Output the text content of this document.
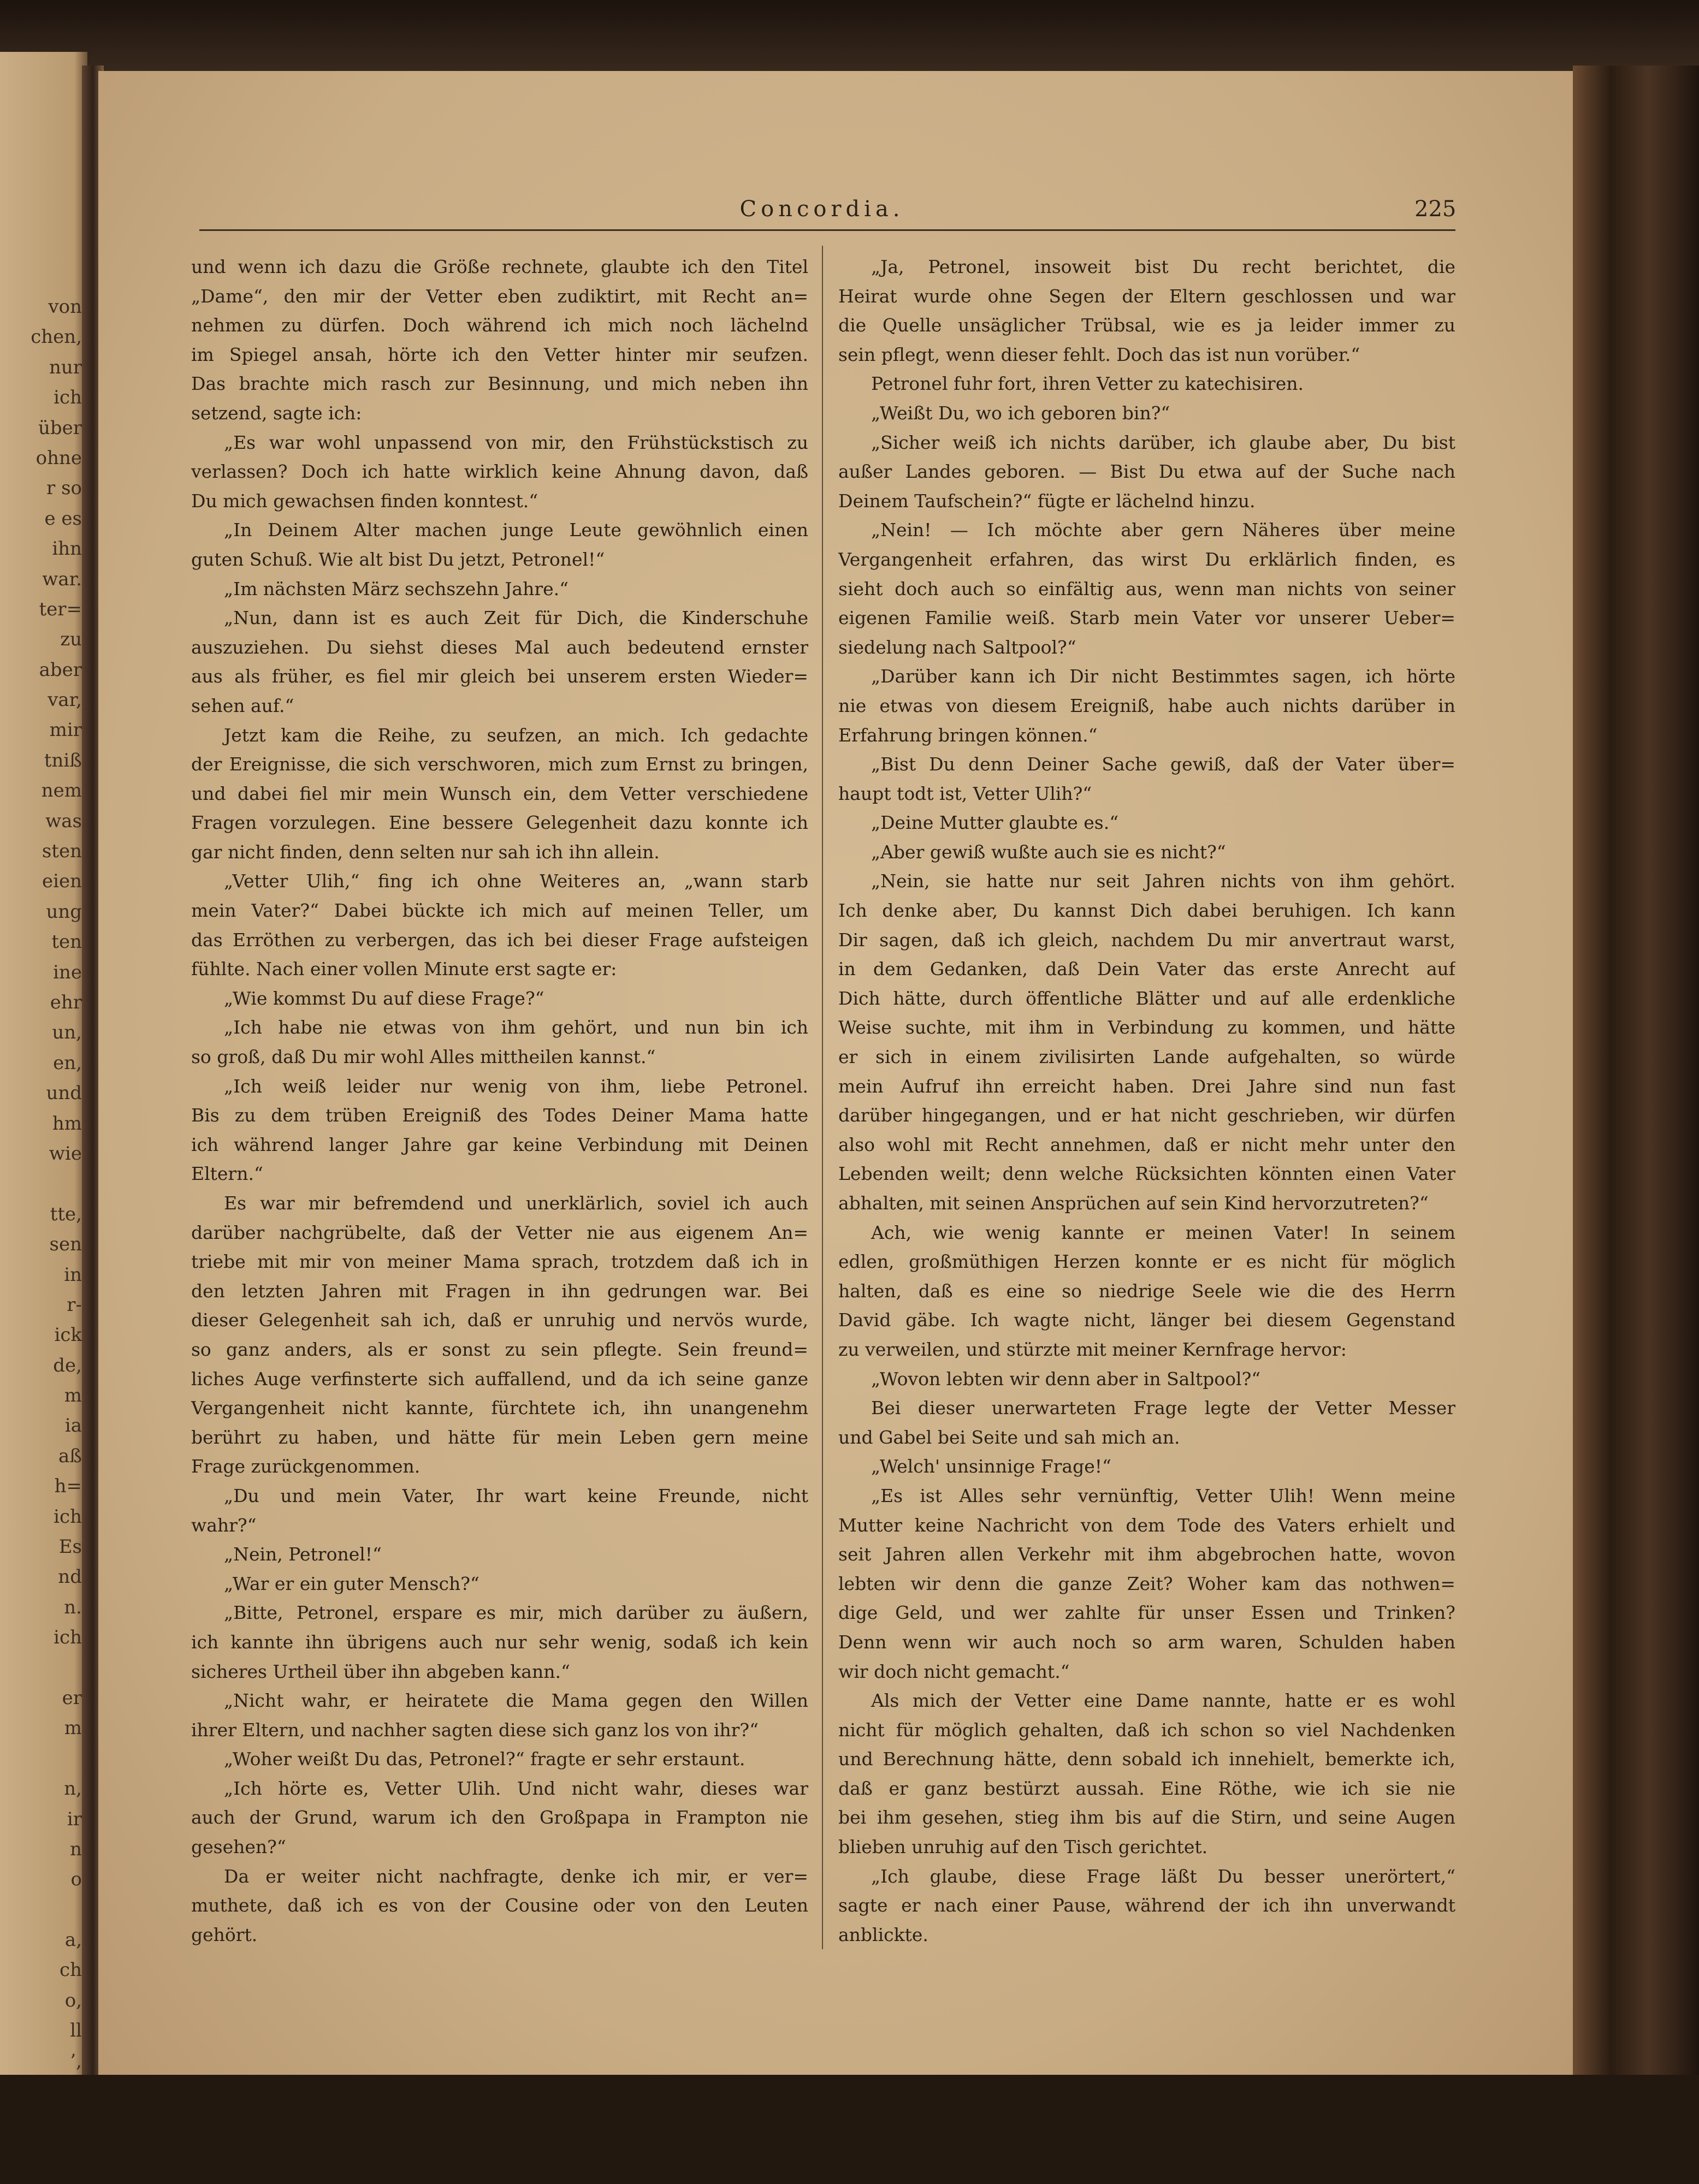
von
chen,
nur
ich
über
ohne
r so
e es
ihn
war.
ter=
zu
aber
var,
mir
tniß
nem
was
sten
eien
ung
ten
ine
ehr
un,
en,
und
hm
wie
tte,
sen
in
r-
ick
de,
m
ia
aß
h=
ich
Es
nd
n.
ich
er
m
n,
ir
n
o
a,
ch
o,
ll
’,
Concordia.	225
und wenn ich dazu die Größe rechnete, glaubte ich den Titel
„Dame“, den mir der Vetter eben zudiktirt, mit Recht an=
nehmen zu dürfen. Doch während ich mich noch lächelnd
im Spiegel ansah, hörte ich den Vetter hinter mir seufzen.
Das brachte mich rasch zur Besinnung, und mich neben ihn
setzend, sagte ich:
„Es war wohl unpassend von mir, den Frühstückstisch zu
verlassen? Doch ich hatte wirklich keine Ahnung davon, daß
Du mich gewachsen finden konntest.“
„In Deinem Alter machen junge Leute gewöhnlich einen
guten Schuß. Wie alt bist Du jetzt, Petronel!“
„Im nächsten März sechszehn Jahre.“
„Nun, dann ist es auch Zeit für Dich, die Kinderschuhe
auszuziehen. Du siehst dieses Mal auch bedeutend ernster
aus als früher, es fiel mir gleich bei unserem ersten Wieder=
sehen auf.“
Jetzt kam die Reihe, zu seufzen, an mich. Ich gedachte
der Ereignisse, die sich verschworen, mich zum Ernst zu bringen,
und dabei fiel mir mein Wunsch ein, dem Vetter verschiedene
Fragen vorzulegen. Eine bessere Gelegenheit dazu konnte ich
gar nicht finden, denn selten nur sah ich ihn allein.
„Vetter Ulih,“ fing ich ohne Weiteres an, „wann starb
mein Vater?“ Dabei bückte ich mich auf meinen Teller, um
das Erröthen zu verbergen, das ich bei dieser Frage aufsteigen
fühlte. Nach einer vollen Minute erst sagte er:
„Wie kommst Du auf diese Frage?“
„Ich habe nie etwas von ihm gehört, und nun bin ich
so groß, daß Du mir wohl Alles mittheilen kannst.“
„Ich weiß leider nur wenig von ihm, liebe Petronel.
Bis zu dem trüben Ereigniß des Todes Deiner Mama hatte
ich während langer Jahre gar keine Verbindung mit Deinen
Eltern.“
Es war mir befremdend und unerklärlich, soviel ich auch
darüber nachgrübelte, daß der Vetter nie aus eigenem An=
triebe mit mir von meiner Mama sprach, trotzdem daß ich in
den letzten Jahren mit Fragen in ihn gedrungen war. Bei
dieser Gelegenheit sah ich, daß er unruhig und nervös wurde,
so ganz anders, als er sonst zu sein pflegte. Sein freund=
liches Auge verfinsterte sich auffallend, und da ich seine ganze
Vergangenheit nicht kannte, fürchtete ich, ihn unangenehm
berührt zu haben, und hätte für mein Leben gern meine
Frage zurückgenommen.
„Du und mein Vater, Ihr wart keine Freunde, nicht
wahr?“
„Nein, Petronel!“
„War er ein guter Mensch?“
„Bitte, Petronel, erspare es mir, mich darüber zu äußern,
ich kannte ihn übrigens auch nur sehr wenig, sodaß ich kein
sicheres Urtheil über ihn abgeben kann.“
„Nicht wahr, er heiratete die Mama gegen den Willen
ihrer Eltern, und nachher sagten diese sich ganz los von ihr?“
„Woher weißt Du das, Petronel?“ fragte er sehr erstaunt.
„Ich hörte es, Vetter Ulih. Und nicht wahr, dieses war
auch der Grund, warum ich den Großpapa in Frampton nie
gesehen?“
Da er weiter nicht nachfragte, denke ich mir, er ver=
muthete, daß ich es von der Cousine oder von den Leuten
gehört.
„Ja, Petronel, insoweit bist Du recht berichtet, die
Heirat wurde ohne Segen der Eltern geschlossen und war
die Quelle unsäglicher Trübsal, wie es ja leider immer zu
sein pflegt, wenn dieser fehlt. Doch das ist nun vorüber.“
Petronel fuhr fort, ihren Vetter zu katechisiren.
„Weißt Du, wo ich geboren bin?“
„Sicher weiß ich nichts darüber, ich glaube aber, Du bist
außer Landes geboren. — Bist Du etwa auf der Suche nach
Deinem Taufschein?“ fügte er lächelnd hinzu.
„Nein! — Ich möchte aber gern Näheres über meine
Vergangenheit erfahren, das wirst Du erklärlich finden, es
sieht doch auch so einfältig aus, wenn man nichts von seiner
eigenen Familie weiß. Starb mein Vater vor unserer Ueber=
siedelung nach Saltpool?“
„Darüber kann ich Dir nicht Bestimmtes sagen, ich hörte
nie etwas von diesem Ereigniß, habe auch nichts darüber in
Erfahrung bringen können.“
„Bist Du denn Deiner Sache gewiß, daß der Vater über=
haupt todt ist, Vetter Ulih?“
„Deine Mutter glaubte es.“
„Aber gewiß wußte auch sie es nicht?“
„Nein, sie hatte nur seit Jahren nichts von ihm gehört.
Ich denke aber, Du kannst Dich dabei beruhigen. Ich kann
Dir sagen, daß ich gleich, nachdem Du mir anvertraut warst,
in dem Gedanken, daß Dein Vater das erste Anrecht auf
Dich hätte, durch öffentliche Blätter und auf alle erdenkliche
Weise suchte, mit ihm in Verbindung zu kommen, und hätte
er sich in einem zivilisirten Lande aufgehalten, so würde
mein Aufruf ihn erreicht haben. Drei Jahre sind nun fast
darüber hingegangen, und er hat nicht geschrieben, wir dürfen
also wohl mit Recht annehmen, daß er nicht mehr unter den
Lebenden weilt; denn welche Rücksichten könnten einen Vater
abhalten, mit seinen Ansprüchen auf sein Kind hervorzutreten?“
Ach, wie wenig kannte er meinen Vater! In seinem
edlen, großmüthigen Herzen konnte er es nicht für möglich
halten, daß es eine so niedrige Seele wie die des Herrn
David gäbe. Ich wagte nicht, länger bei diesem Gegenstand
zu verweilen, und stürzte mit meiner Kernfrage hervor:
„Wovon lebten wir denn aber in Saltpool?“
Bei dieser unerwarteten Frage legte der Vetter Messer
und Gabel bei Seite und sah mich an.
„Welch' unsinnige Frage!“
„Es ist Alles sehr vernünftig, Vetter Ulih! Wenn meine
Mutter keine Nachricht von dem Tode des Vaters erhielt und
seit Jahren allen Verkehr mit ihm abgebrochen hatte, wovon
lebten wir denn die ganze Zeit? Woher kam das nothwen=
dige Geld, und wer zahlte für unser Essen und Trinken?
Denn wenn wir auch noch so arm waren, Schulden haben
wir doch nicht gemacht.“
Als mich der Vetter eine Dame nannte, hatte er es wohl
nicht für möglich gehalten, daß ich schon so viel Nachdenken
und Berechnung hätte, denn sobald ich innehielt, bemerkte ich,
daß er ganz bestürzt aussah. Eine Röthe, wie ich sie nie
bei ihm gesehen, stieg ihm bis auf die Stirn, und seine Augen
blieben unruhig auf den Tisch gerichtet.
„Ich glaube, diese Frage läßt Du besser unerörtert,“
sagte er nach einer Pause, während der ich ihn unverwandt
anblickte.
